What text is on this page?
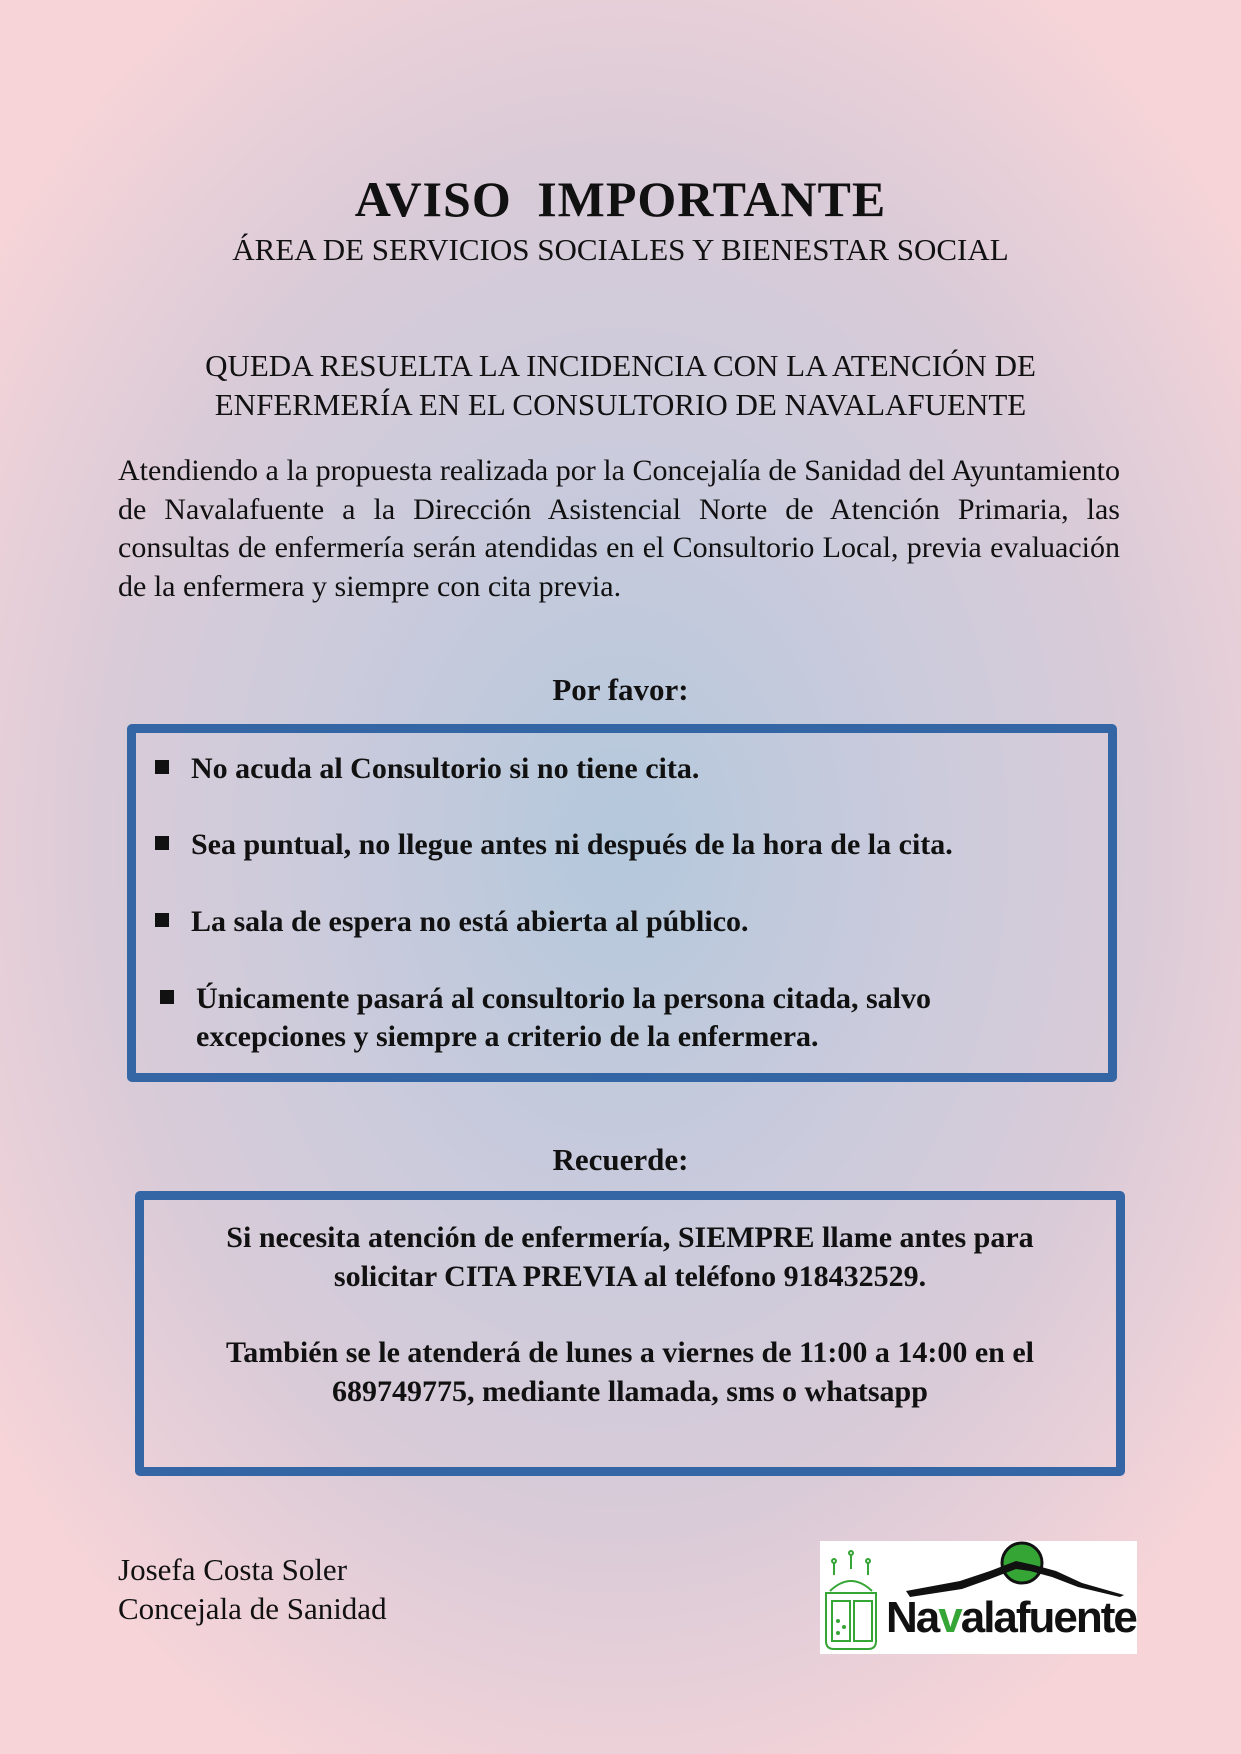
AVISO IMPORTANTE
ÁREA DE SERVICIOS SOCIALES Y BIENESTAR SOCIAL
QUEDA RESUELTA LA INCIDENCIA CON LA ATENCIÓN DE
ENFERMERÍA EN EL CONSULTORIO DE NAVALAFUENTE
Atendiendo a la propuesta realizada por la Concejalía de Sanidad del Ayuntamiento de Navalafuente a la Dirección Asistencial Norte de Atención Primaria, las consultas de enfermería serán atendidas en el Consultorio Local, previa evaluación de la enfermera y siempre con cita previa.
Por favor:
No acuda al Consultorio si no tiene cita.
Sea puntual, no llegue antes ni después de la hora de la cita.
La sala de espera no está abierta al público.
Únicamente pasará al consultorio la persona citada, salvo excepciones y siempre a criterio de la enfermera.
Recuerde:
Si necesita atención de enfermería, SIEMPRE llame antes para
solicitar CITA PREVIA al teléfono 918432529.
También se le atenderá de lunes a viernes de 11:00 a 14:00 en el
689749775, mediante llamada, sms o whatsapp
Josefa Costa Soler
Concejala de Sanidad	Navalafuente
